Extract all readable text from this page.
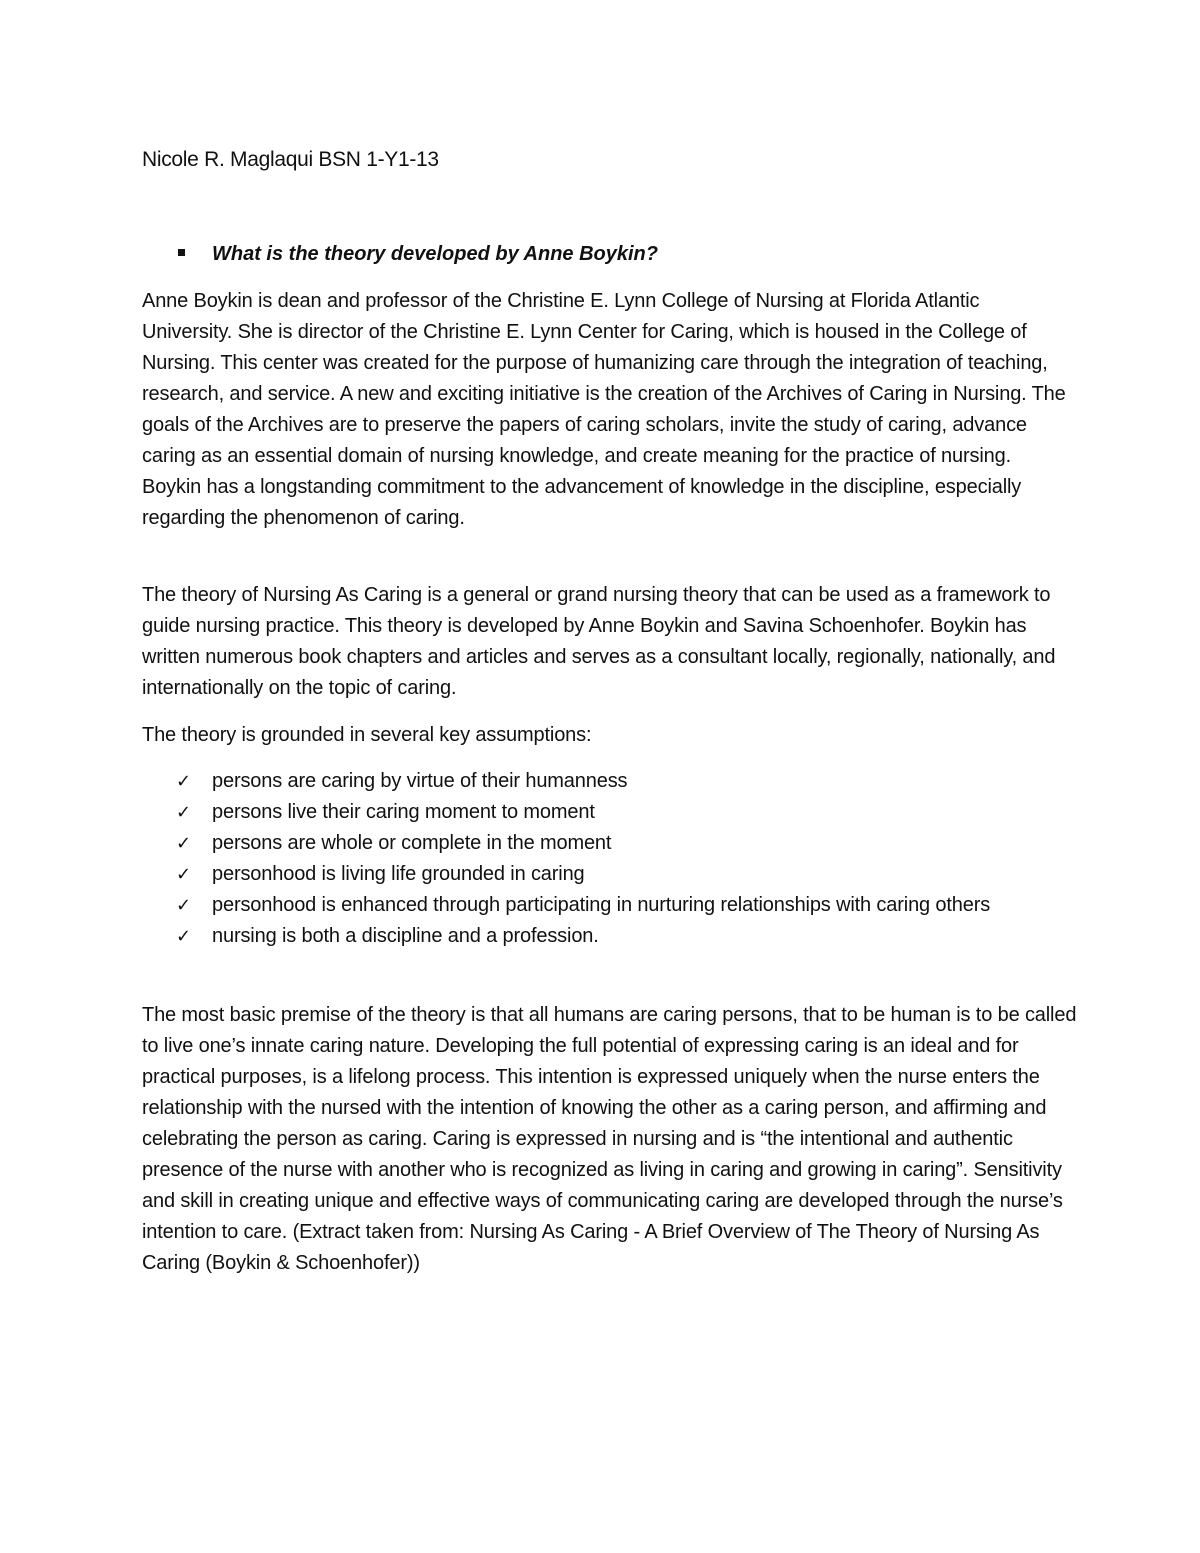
Nicole R. Maglaqui BSN 1-Y1-13

What is the theory developed by Anne Boykin?

Anne Boykin is dean and professor of the Christine E. Lynn College of Nursing at Florida Atlantic University. She is director of the Christine E. Lynn Center for Caring, which is housed in the College of Nursing. This center was created for the purpose of humanizing care through the integration of teaching, research, and service. A new and exciting initiative is the creation of the Archives of Caring in Nursing. The goals of the Archives are to preserve the papers of caring scholars, invite the study of caring, advance caring as an essential domain of nursing knowledge, and create meaning for the practice of nursing. Boykin has a longstanding commitment to the advancement of knowledge in the discipline, especially regarding the phenomenon of caring.

The theory of Nursing As Caring is a general or grand nursing theory that can be used as a framework to guide nursing practice. This theory is developed by Anne Boykin and Savina Schoenhofer. Boykin has written numerous book chapters and articles and serves as a consultant locally, regionally, nationally, and internationally on the topic of caring.

The theory is grounded in several key assumptions:

✓ persons are caring by virtue of their humanness
✓ persons live their caring moment to moment
✓ persons are whole or complete in the moment
✓ personhood is living life grounded in caring
✓ personhood is enhanced through participating in nurturing relationships with caring others
✓ nursing is both a discipline and a profession.

The most basic premise of the theory is that all humans are caring persons, that to be human is to be called to live one’s innate caring nature. Developing the full potential of expressing caring is an ideal and for practical purposes, is a lifelong process. This intention is expressed uniquely when the nurse enters the relationship with the nursed with the intention of knowing the other as a caring person, and affirming and celebrating the person as caring. Caring is expressed in nursing and is “the intentional and authentic presence of the nurse with another who is recognized as living in caring and growing in caring”. Sensitivity and skill in creating unique and effective ways of communicating caring are developed through the nurse’s intention to care. (Extract taken from: Nursing As Caring - A Brief Overview of The Theory of Nursing As Caring (Boykin & Schoenhofer))
